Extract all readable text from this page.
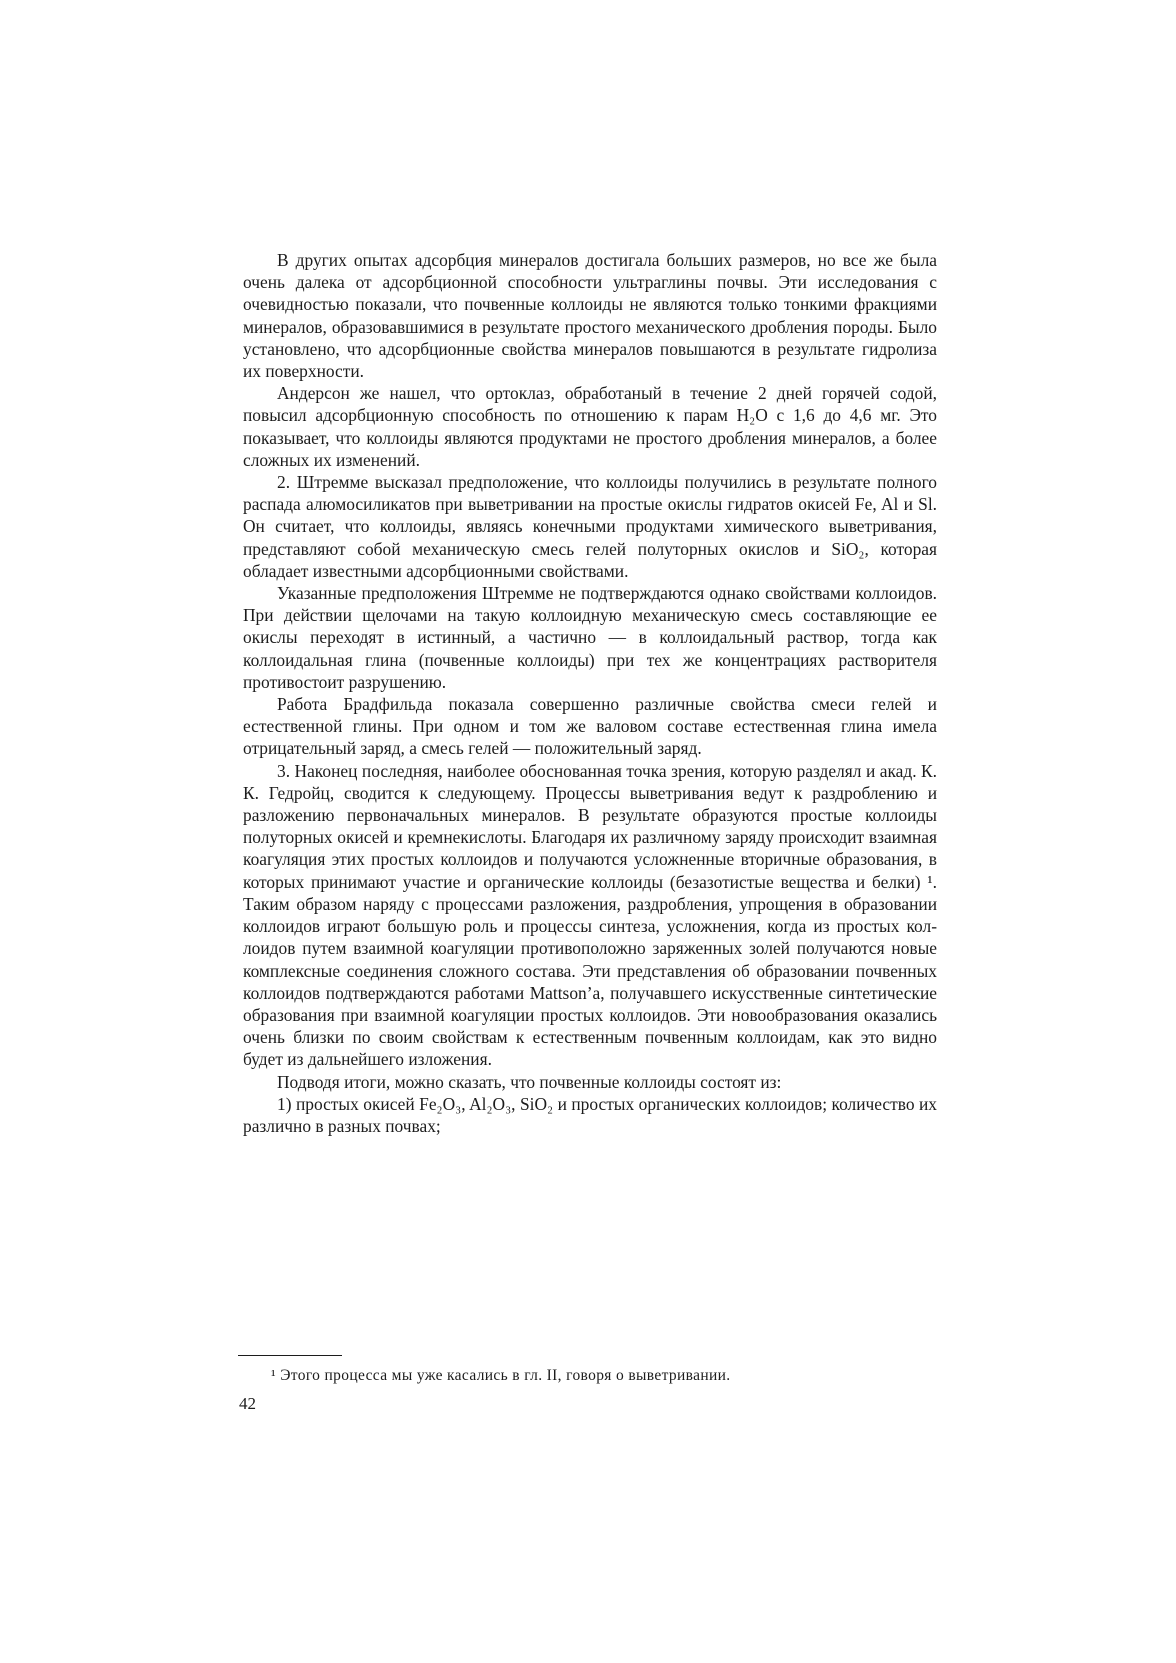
В других опытах адсорбция минералов достигала больших размеров, но все же была очень далека от адсорбционной способности ультраглины почвы. Эти исследования с очевидностью показали, что почвенные коллоиды не являются только тонкими фракциями минералов, образовавшимися в результате простого механического дробления породы. Было установлено, что адсорбционные свойства минералов повышаются в результате гидролиза их поверхности.

Андерсон же нашел, что ортоклаз, обработаный в течение 2 дней горячей содой, повысил адсорбционную способность по отношению к парам H₂O с 1,6 до 4,6 мг. Это показывает, что коллоиды являются продуктами не простого дробления минералов, а более сложных их изменений.

2. Штремме высказал предположение, что коллоиды получились в результате полного распада алюмосиликатов при выветривании на простые окислы гидратов окисей Fe, Al и Sl. Он считает, что коллоиды, являясь конечными продуктами химического выветривания, представляют собой механическую смесь гелей полуторных окислов и SiO₂, которая обладает известными адсорбционными свойствами.

Указанные предположения Штремме не подтверждаются однако свойствами коллоидов. При действии щелочами на такую коллоидную механическую смесь составляющие ее окислы переходят в истинный, а частично — в коллоидальный раствор, тогда как коллоидальная глина (почвенные коллоиды) при тех же концентрациях растворителя противостоит разрушению.

Работа Брадфильда показала совершенно различные свойства смеси гелей и естественной глины. При одном и том же валовом составе естественная глина имела отрицательный заряд, а смесь гелей — положительный заряд.

3. Наконец последняя, наиболее обоснованная точка зрения, которую разделял и акад. К. К. Гедройц, сводится к следующему. Процессы выветривания ведут к раздроблению и разложению первоначальных минералов. В результате образуются простые коллоиды полуторных окисей и кремнекислоты. Благодаря их различному заряду происходит взаимная коагуляция этих простых коллоидов и получаются усложненные вторичные образования, в которых принимают участие и органические коллоиды (безазотистые вещества и белки) ¹. Таким образом наряду с процессами разложения, раздробления, упрощения в образовании коллоидов играют большую роль и процессы синтеза, усложнения, когда из простых коллоидов путем взаимной коагуляции противоположно заряженных золей получаются новые комплексные соединения сложного состава. Эти представления об образовании почвенных коллоидов подтверждаются работами Mattson’а, получавшего искусственные синтетические образования при взаимной коагуляции простых коллоидов. Эти новообразования оказались очень близки по своим свойствам к естественным почвенным коллоидам, как это видно будет из дальнейшего изложения.

Подводя итоги, можно сказать, что почвенные коллоиды состоят из:

1) простых окисей Fe₂O₃, Al₂O₃, SiO₂ и простых органических коллоидов; количество их различно в разных почвах;

¹ Этого процесса мы уже касались в гл. II, говоря о выветривании.
42
